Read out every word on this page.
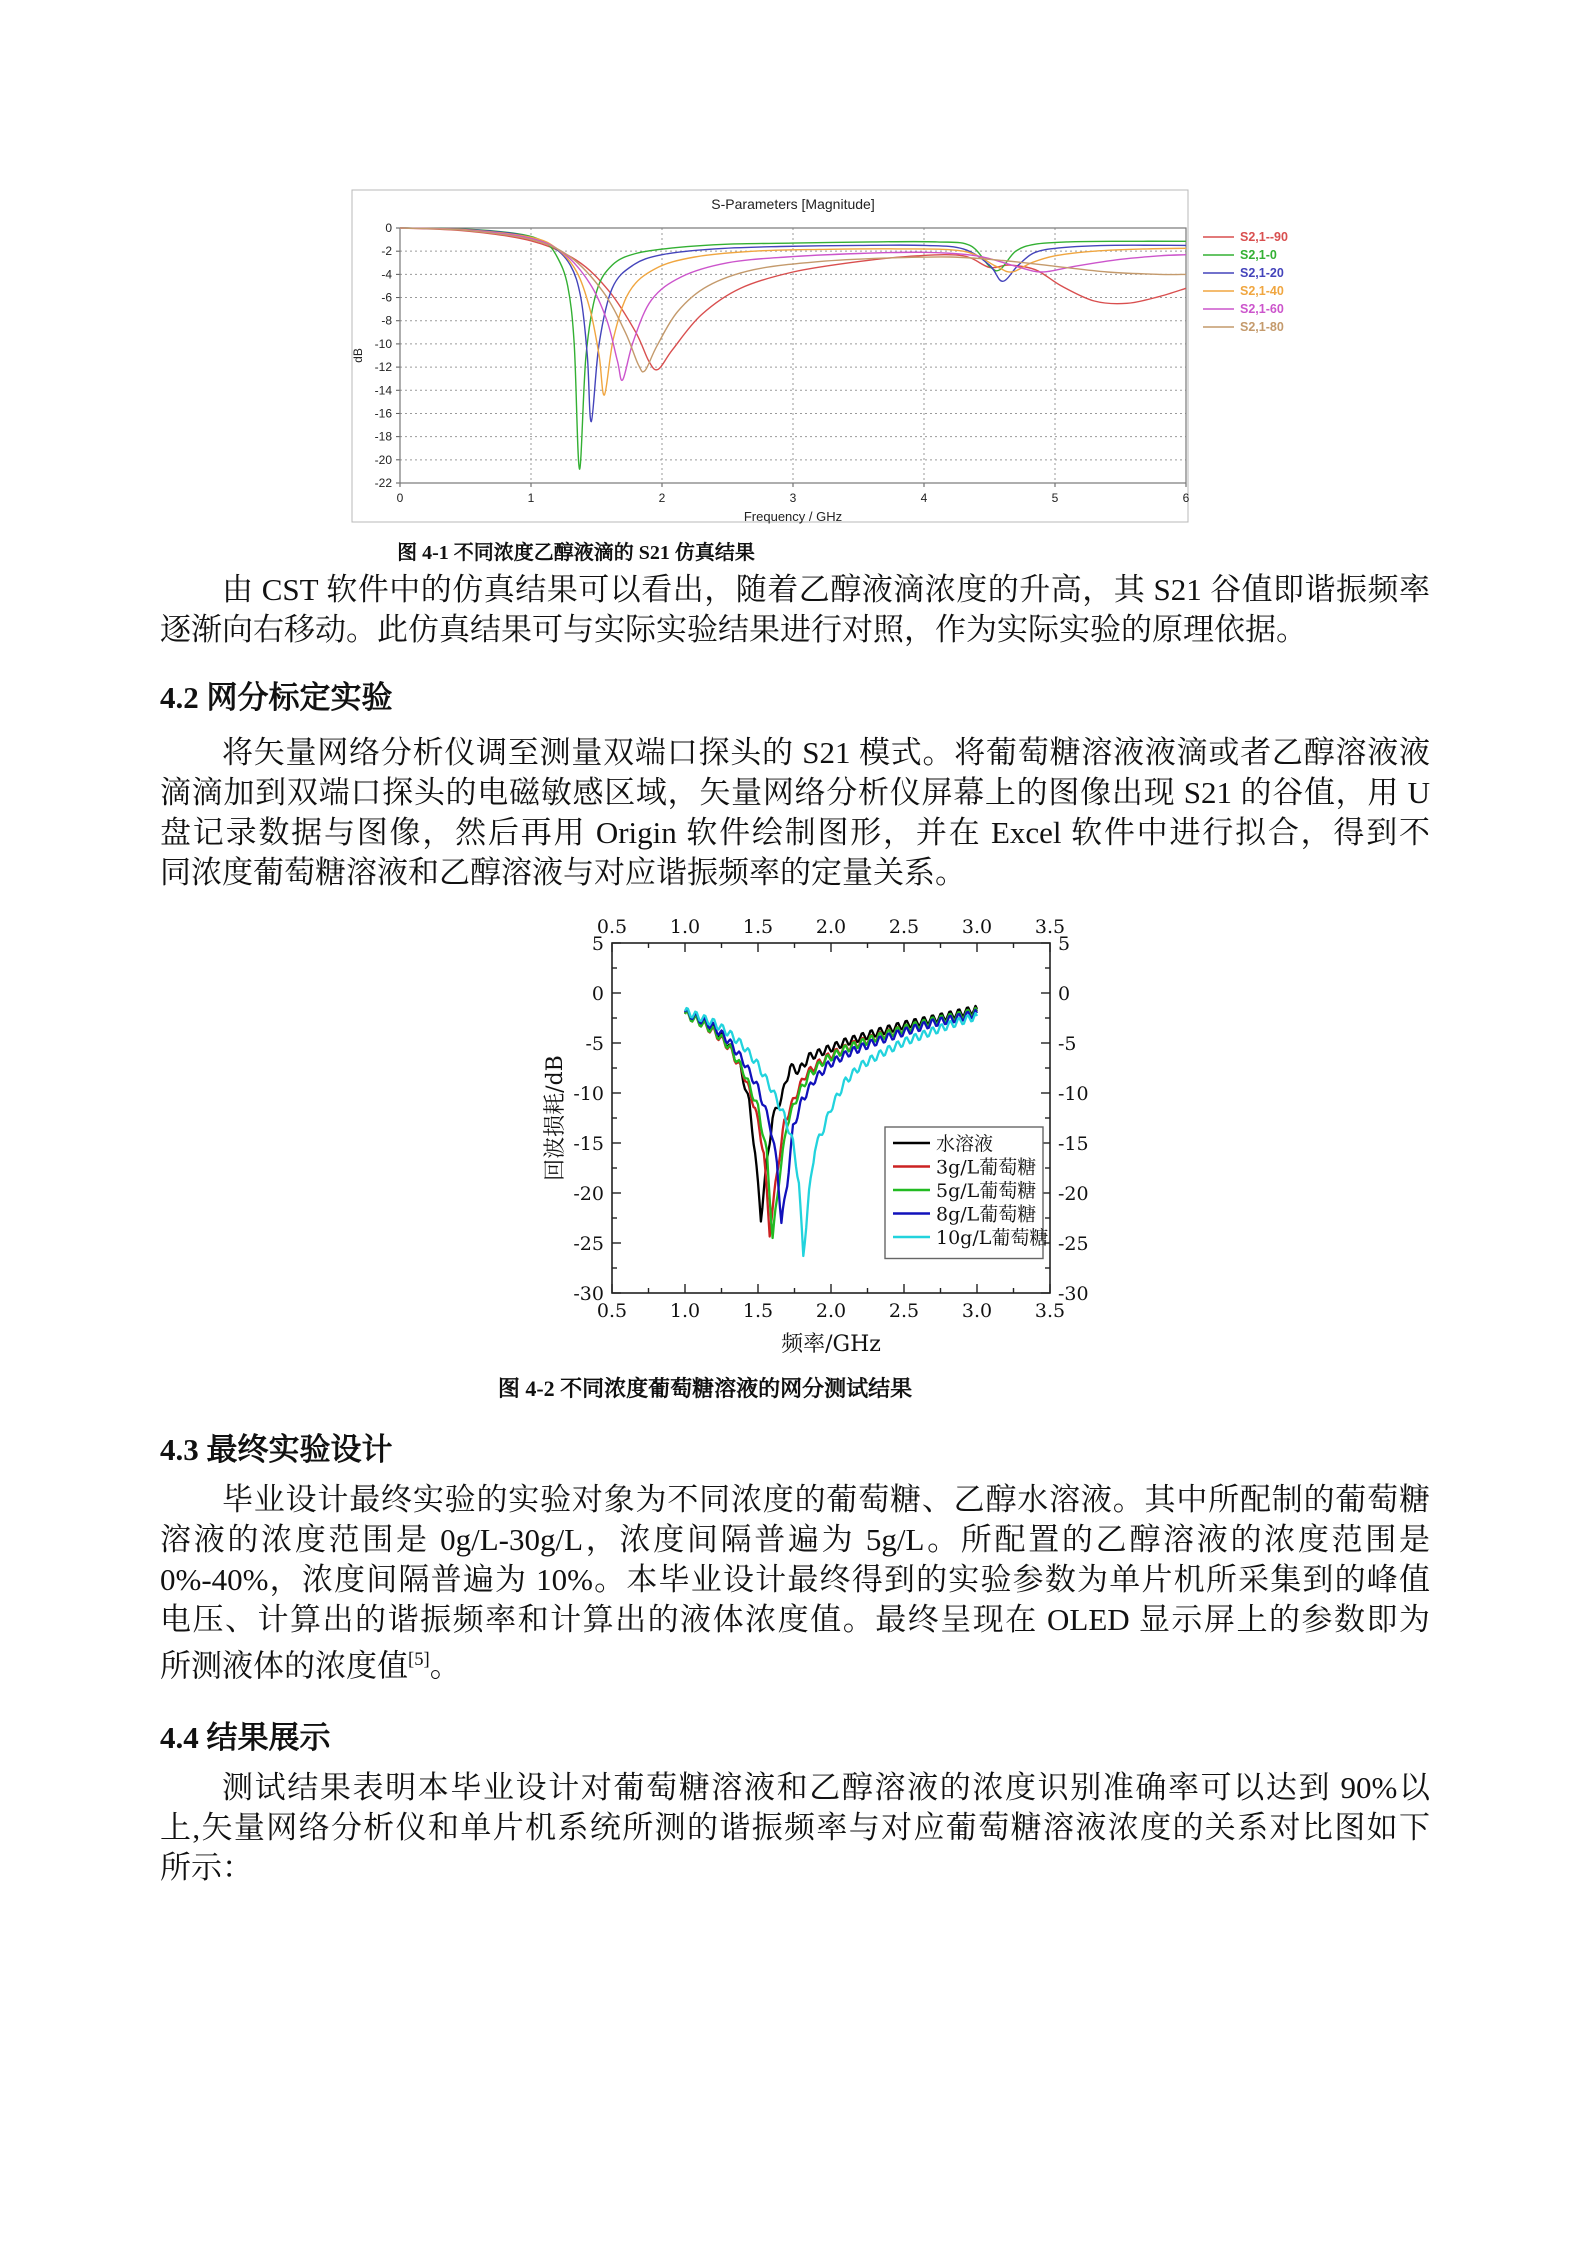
S-Parameters [Magnitude]
0
-2
-4
-6
-8
-10
-12
-14
-16
-18
-20
-22
0	1	2	3	4	5	6
Frequency / GHz
dB
S2,1--90
S2,1-0
S2,1-20
S2,1-40
S2,1-60
S2,1-80
图 4-1 不同浓度乙醇液滴的 S21 仿真结果
由 CST 软件中的仿真结果可以看出，随着乙醇液滴浓度的升高，其 S21 谷值即谐振频率
逐渐向右移动。此仿真结果可与实际实验结果进行对照，作为实际实验的原理依据。
4.2 网分标定实验
将矢量网络分析仪调至测量双端口探头的 S21 模式。将葡萄糖溶液液滴或者乙醇溶液液
滴滴加到双端口探头的电磁敏感区域，矢量网络分析仪屏幕上的图像出现 S21 的谷值，用 U
盘记录数据与图像，然后再用 Origin 软件绘制图形，并在 Excel 软件中进行拟合，得到不
同浓度葡萄糖溶液和乙醇溶液与对应谐振频率的定量关系。
0.5
0.5
1.0
1.0
1.5
1.5
2.0
2.0
2.5
2.5
3.0
3.0
3.5
3.5
5	5
0	0
-5	-5
-10	-10
-15	-15
-20	-20
-25	-25
-30	-30
频率/GHz
回波损耗/dB	水溶液
3g/L葡萄糖
5g/L葡萄糖
8g/L葡萄糖
10g/L葡萄糖
图 4-2 不同浓度葡萄糖溶液的网分测试结果
4.3 最终实验设计
毕业设计最终实验的实验对象为不同浓度的葡萄糖、乙醇水溶液。其中所配制的葡萄糖
溶液的浓度范围是 0g/L-30g/L，浓度间隔普遍为 5g/L。所配置的乙醇溶液的浓度范围是
0%-40%，浓度间隔普遍为 10%。本毕业设计最终得到的实验参数为单片机所采集到的峰值
电压、计算出的谐振频率和计算出的液体浓度值。最终呈现在 OLED 显示屏上的参数即为
所测液体的浓度值[5]。
4.4 结果展示
测试结果表明本毕业设计对葡萄糖溶液和乙醇溶液的浓度识别准确率可以达到 90%以
上,矢量网络分析仪和单片机系统所测的谐振频率与对应葡萄糖溶液浓度的关系对比图如下
所示：
